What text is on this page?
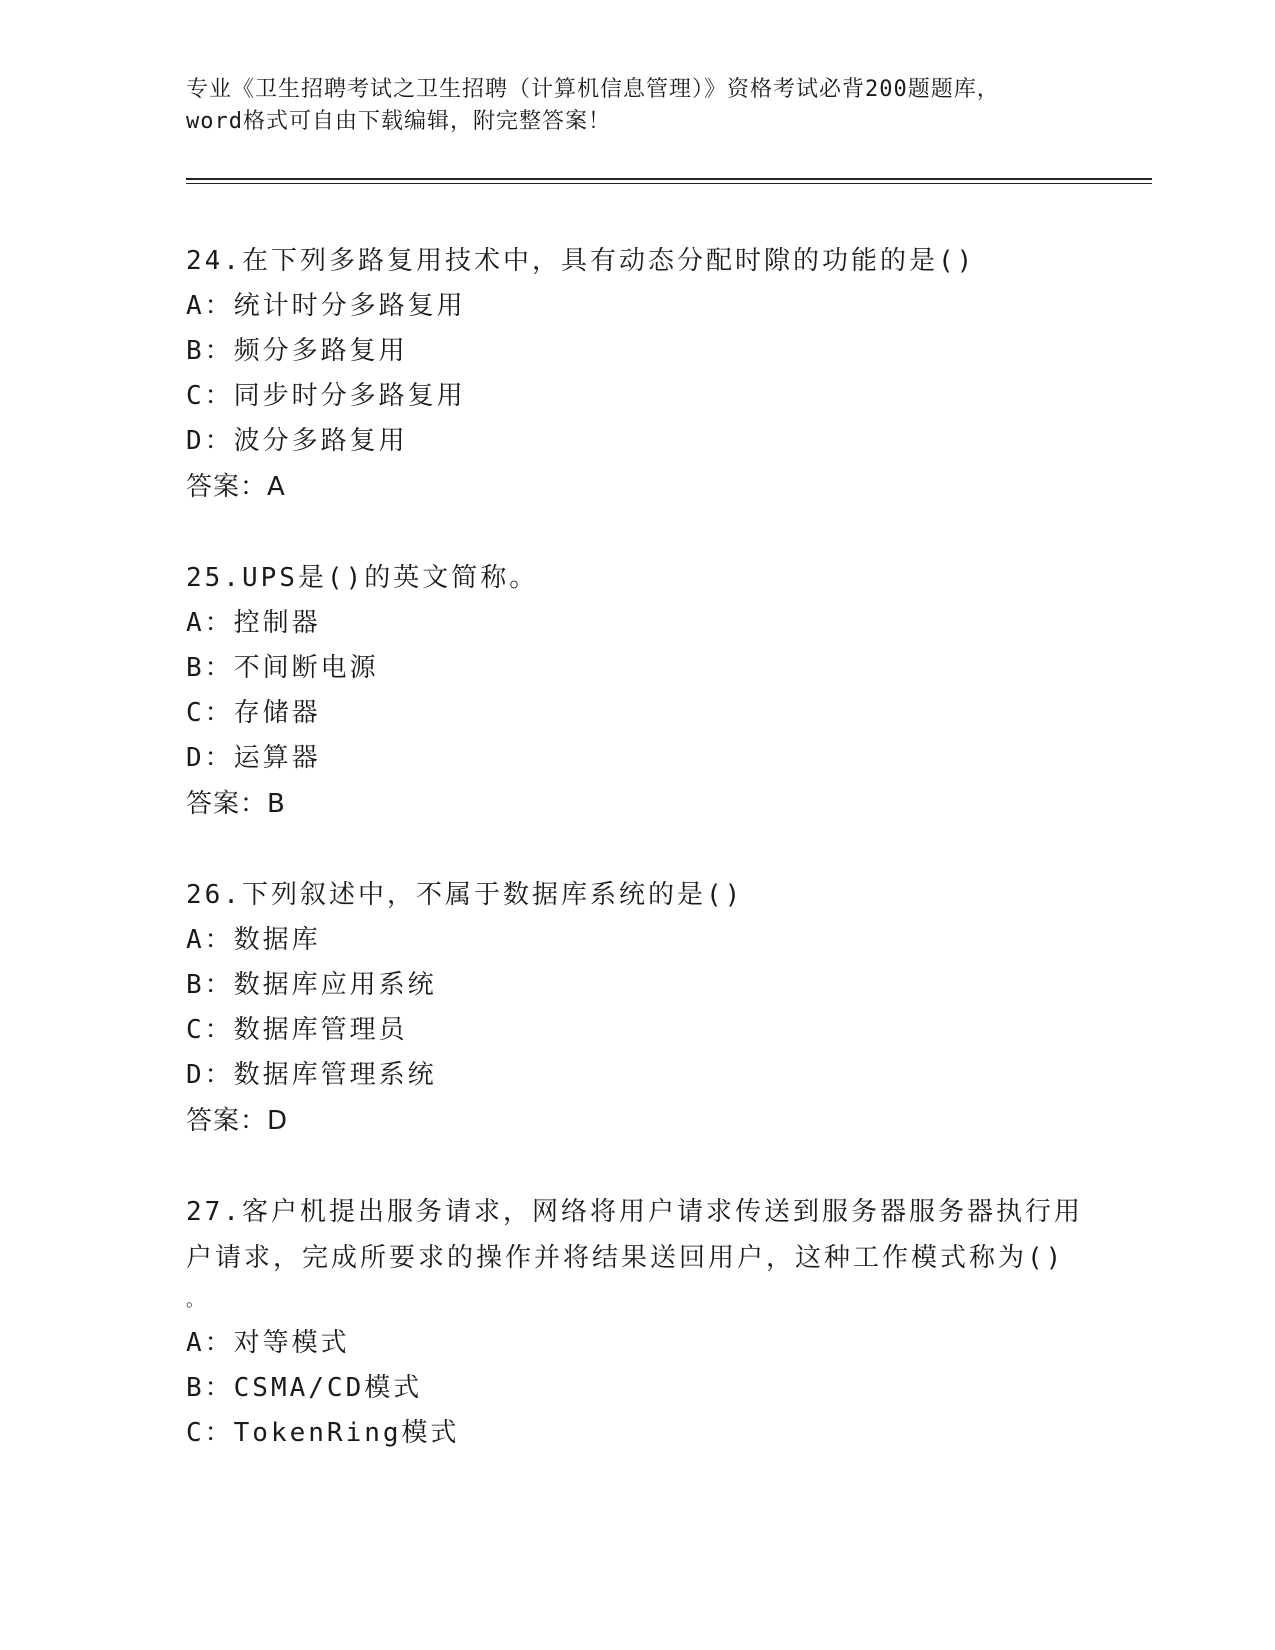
专业《卫生招聘考试之卫生招聘（计算机信息管理）》资格考试必背200题题库，

word格式可自由下载编辑，附完整答案！

24.在下列多路复用技术中，具有动态分配时隙的功能的是()

A：统计时分多路复用

B：频分多路复用

C：同步时分多路复用

D：波分多路复用

答案：A

25.UPS是()的英文简称。

A：控制器

B：不间断电源

C：存储器

D：运算器

答案：B

26.下列叙述中，不属于数据库系统的是()

A：数据库

B：数据库应用系统

C：数据库管理员

D：数据库管理系统

答案：D

27.客户机提出服务请求，网络将用户请求传送到服务器服务器执行用
户请求，完成所要求的操作并将结果送回用户，这种工作模式称为()
。

A：对等模式

B：CSMA/CD模式

C：TokenRing模式
